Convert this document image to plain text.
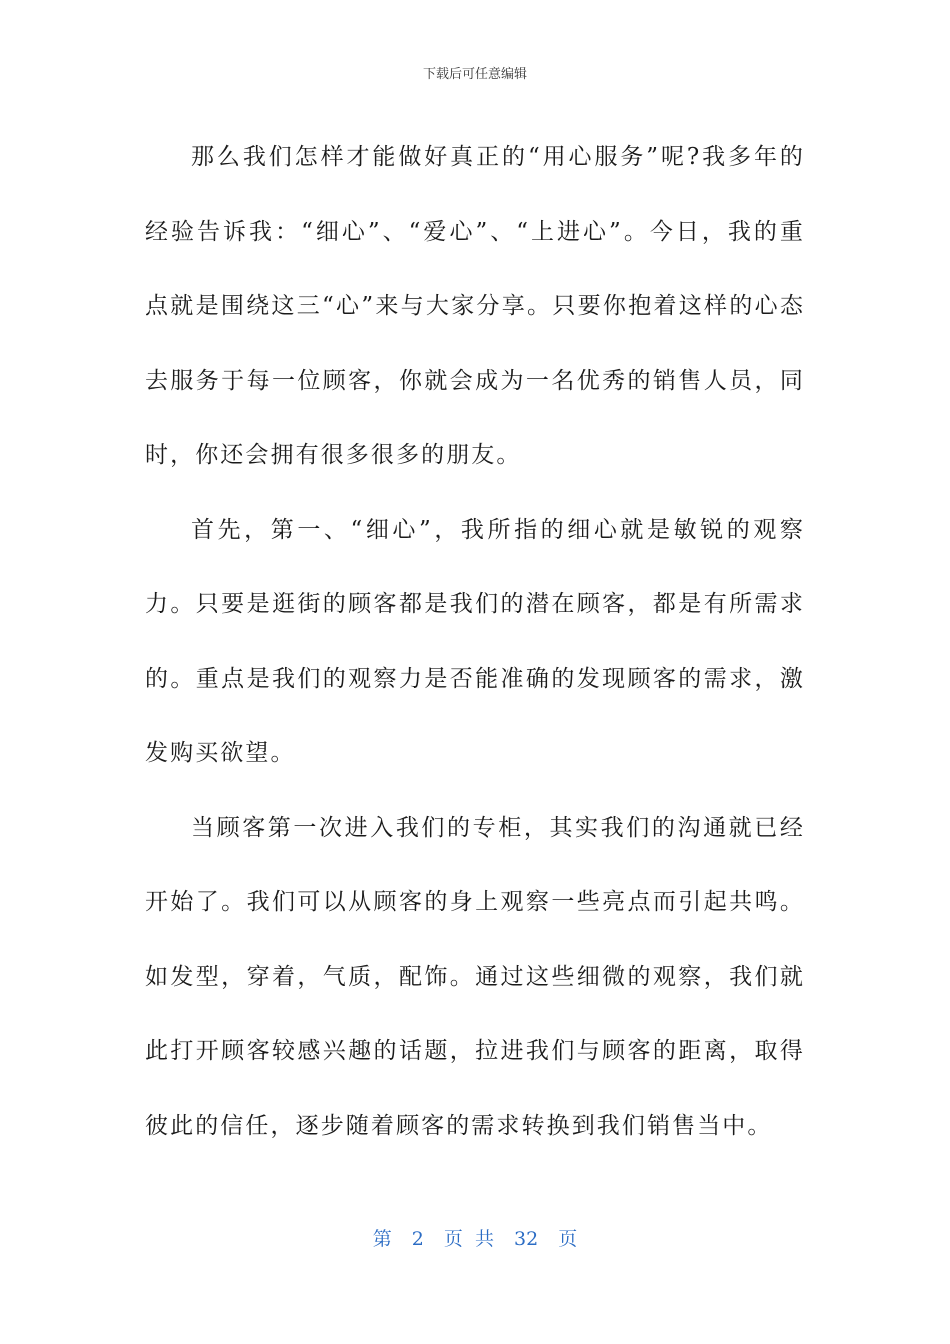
下载后可任意编辑

那么我们怎样才能做好真正的“用心服务”呢?我多年的经验告诉我：“细心”、“爱心”、“上进心”。今日，我的重点就是围绕这三“心”来与大家分享。只要你抱着这样的心态去服务于每一位顾客，你就会成为一名优秀的销售人员，同时，你还会拥有很多很多的朋友。

首先，第一、“细心”，我所指的细心就是敏锐的观察力。只要是逛街的顾客都是我们的潜在顾客，都是有所需求的。重点是我们的观察力是否能准确的发现顾客的需求，激发购买欲望。

当顾客第一次进入我们的专柜，其实我们的沟通就已经开始了。我们可以从顾客的身上观察一些亮点而引起共鸣。如发型，穿着，气质，配饰。通过这些细微的观察，我们就此打开顾客较感兴趣的话题，拉进我们与顾客的距离，取得彼此的信任，逐步随着顾客的需求转换到我们销售当中。

第 2 页 共 32 页
